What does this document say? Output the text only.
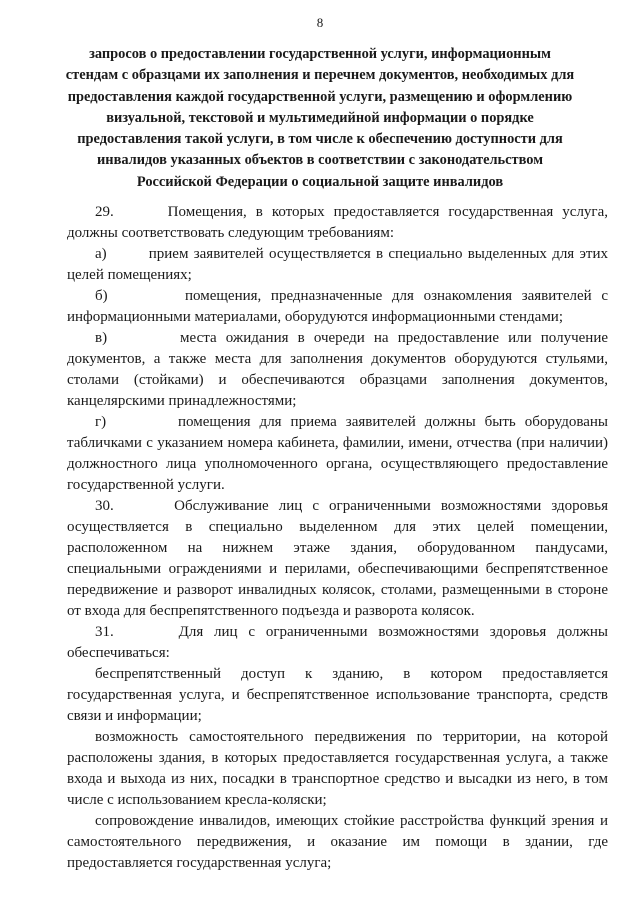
8
запросов о предоставлении государственной услуги, информационным
стендам с образцами их заполнения и перечнем документов, необходимых для
предоставления каждой государственной услуги, размещению и оформлению
визуальной, текстовой и мультимедийной информации о порядке
предоставления такой услуги, в том числе к обеспечению доступности для
инвалидов указанных объектов в соответствии с законодательством
Российской Федерации о социальной защите инвалидов

29.      Помещения, в которых предоставляется государственная услуга,
должны соответствовать следующим требованиям:

а)        прием заявителей осуществляется в специально выделенных для этих
целей помещениях;

б)        помещения, предназначенные для ознакомления заявителей с
информационными материалами, оборудуются информационными стендами;

в)        места ожидания в очереди на предоставление или получение
документов, а также места для заполнения документов оборудуются стульями,
столами (стойками) и обеспечиваются образцами заполнения документов,
канцелярскими принадлежностями;

г)        помещения для приема заявителей должны быть оборудованы
табличками с указанием номера кабинета, фамилии, имени, отчества (при наличии)
должностного лица уполномоченного органа, осуществляющего предоставление
государственной услуги.

30.      Обслуживание лиц с ограниченными возможностями здоровья
осуществляется в специально выделенном для этих целей помещении,
расположенном на нижнем этаже здания, оборудованном пандусами,
специальными ограждениями и перилами, обеспечивающими беспрепятственное
передвижение и разворот инвалидных колясок, столами, размещенными в стороне
от входа для беспрепятственного подъезда и разворота колясок.

31.      Для лиц с ограниченными возможностями здоровья должны
обеспечиваться:

беспрепятственный доступ к зданию, в котором предоставляется
государственная услуга, и беспрепятственное использование транспорта, средств
связи и информации;

возможность самостоятельного передвижения по территории, на которой
расположены здания, в которых предоставляется государственная услуга, а также
входа и выхода из них, посадки в транспортное средство и высадки из него, в том
числе с использованием кресла-коляски;

сопровождение инвалидов, имеющих стойкие расстройства функций зрения и
самостоятельного передвижения, и оказание им помощи в здании, где
предоставляется государственная услуга;
